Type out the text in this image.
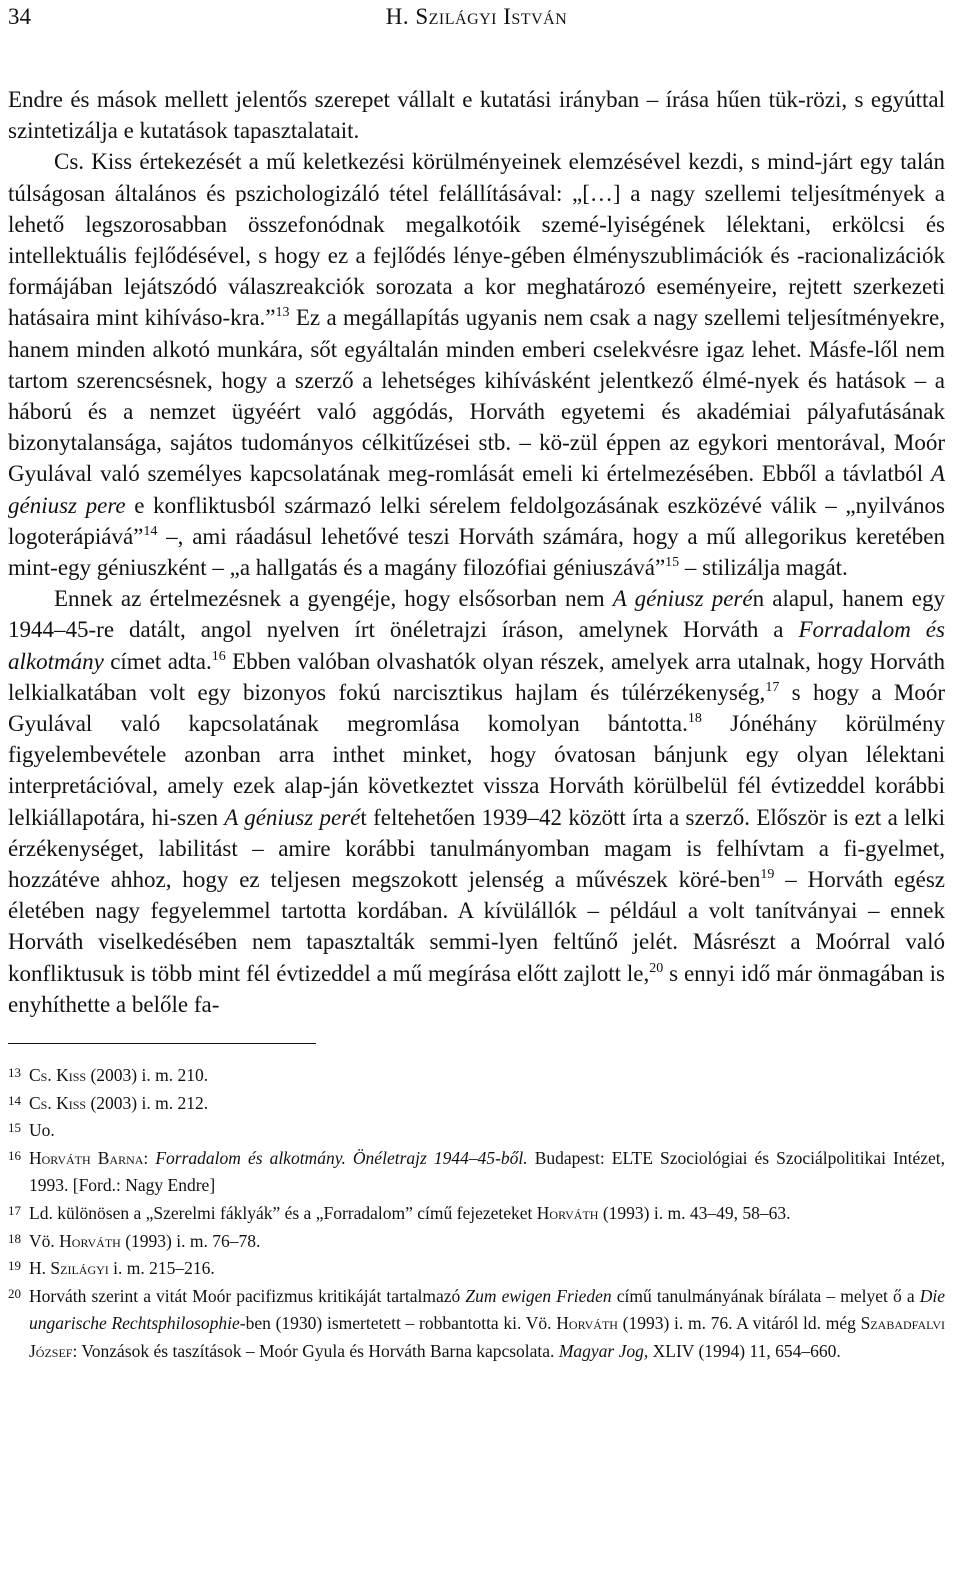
34	H. Szilágyi István

Endre és mások mellett jelentős szerepet vállalt e kutatási irányban – írása hűen tük-rözi, s egyúttal szintetizálja e kutatások tapasztalatait.

Cs. Kiss értekezését a mű keletkezési körülményeinek elemzésével kezdi, s mind-járt egy talán túlságosan általános és pszichologizáló tétel felállításával: „[…] a nagy szellemi teljesítmények a lehető legszorosabban összefonódnak megalkotóik szemé-lyiségének lélektani, erkölcsi és intellektuális fejlődésével, s hogy ez a fejlődés lénye-gében élményszublimációk és -racionalizációk formájában lejátszódó válaszreakciók sorozata a kor meghatározó eseményeire, rejtett szerkezeti hatásaira mint kihíváso-kra.”$^{13}$ Ez a megállapítás ugyanis nem csak a nagy szellemi teljesítményekre, hanem minden alkotó munkára, sőt egyáltalán minden emberi cselekvésre igaz lehet. Másfe-lől nem tartom szerencsésnek, hogy a szerző a lehetséges kihívásként jelentkező élmé-nyek és hatások – a háború és a nemzet ügyéért való aggódás, Horváth egyetemi és akadémiai pályafutásának bizonytalansága, sajátos tudományos célkitűzései stb. – kö-zül éppen az egykori mentorával, Moór Gyulával való személyes kapcsolatának meg-romlását emeli ki értelmezésében. Ebből a távlatból A géniusz pere e konfliktusból származó lelki sérelem feldolgozásának eszközévé válik – „nyilvános logoterápiává”$^{14}$ –, ami ráadásul lehetővé teszi Horváth számára, hogy a mű allegorikus keretében mint-egy géniuszként – „a hallgatás és a magány filozófiai géniuszává”$^{15}$ – stilizálja magát.

Ennek az értelmezésnek a gyengéje, hogy elsősorban nem A géniusz perén alapul, hanem egy 1944–45-re datált, angol nyelven írt önéletrajzi íráson, amelynek Horváth a Forradalom és alkotmány címet adta.$^{16}$ Ebben valóban olvashatók olyan részek, amelyek arra utalnak, hogy Horváth lelkialkatában volt egy bizonyos fokú narcisztikus hajlam és túlérzékenység,$^{17}$ s hogy a Moór Gyulával való kapcsolatának megromlása komolyan bántotta.$^{18}$ Jónéhány körülmény figyelembevétele azonban arra inthet minket, hogy óvatosan bánjunk egy olyan lélektani interpretációval, amely ezek alap-ján következtet vissza Horváth körülbelül fél évtizeddel korábbi lelkiállapotára, hi-szen A géniusz perét feltehetően 1939–42 között írta a szerző. Először is ezt a lelki érzékenységet, labilitást – amire korábbi tanulmányomban magam is felhívtam a fi-gyelmet, hozzátéve ahhoz, hogy ez teljesen megszokott jelenség a művészek köré-ben$^{19}$ – Horváth egész életében nagy fegyelemmel tartotta kordában. A kívülállók – például a volt tanítványai – ennek Horváth viselkedésében nem tapasztalták semmi-lyen feltűnő jelét. Másrészt a Moórral való konfliktusuk is több mint fél évtizeddel a mű megírása előtt zajlott le,$^{20}$ s ennyi idő már önmagában is enyhíthette a belőle fa-

13 Cs. Kiss (2003) i. m. 210.
14 Cs. Kiss (2003) i. m. 212.
15 Uo.
16 Horváth Barna: Forradalom és alkotmány. Önéletrajz 1944–45-ből. Budapest: ELTE Szociológiai és Szociálpolitikai Intézet, 1993. [Ford.: Nagy Endre]
17 Ld. különösen a „Szerelmi fáklyák” és a „Forradalom” című fejezeteket Horváth (1993) i. m. 43–49, 58–63.
18 Vö. Horváth (1993) i. m. 76–78.
19 H. Szilágyi i. m. 215–216.
20 Horváth szerint a vitát Moór pacifizmus kritikáját tartalmazó Zum ewigen Frieden című tanulmányának bírálata – melyet ő a Die ungarische Rechtsphilosophie-ben (1930) ismertetett – robbantotta ki. Vö. Horváth (1993) i. m. 76. A vitáról ld. még Szabadfalvi József: Vonzások és taszítások – Moór Gyula és Horváth Barna kapcsolata. Magyar Jog, XLIV (1994) 11, 654–660.
